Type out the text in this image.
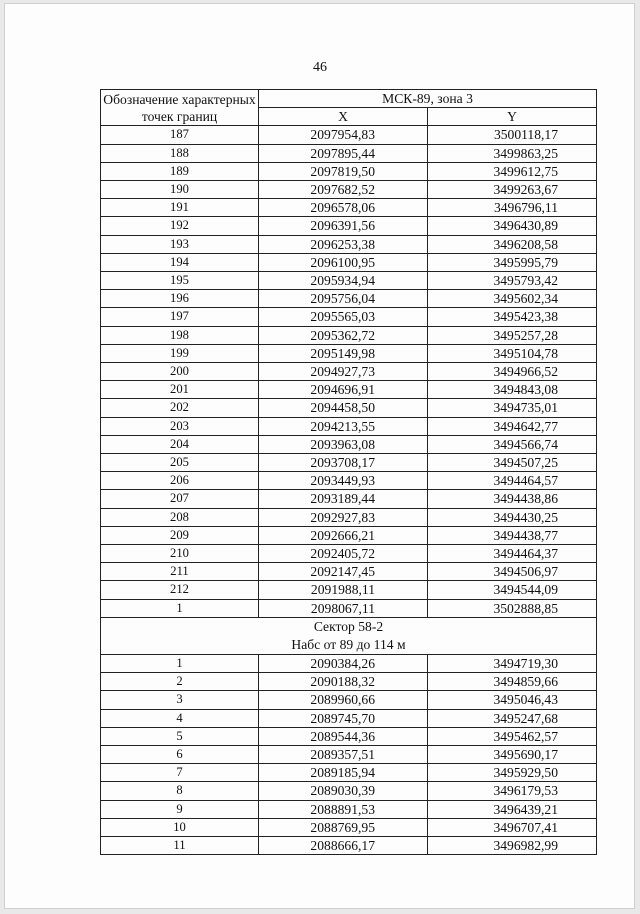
46
Обозначение характерных точек границ	МСК-89, зона 3	
	X	Y
187	2097954,83	3500118,17
188	2097895,44	3499863,25
189	2097819,50	3499612,75
190	2097682,52	3499263,67
191	2096578,06	3496796,11
192	2096391,56	3496430,89
193	2096253,38	3496208,58
194	2096100,95	3495995,79
195	2095934,94	3495793,42
196	2095756,04	3495602,34
197	2095565,03	3495423,38
198	2095362,72	3495257,28
199	2095149,98	3495104,78
200	2094927,73	3494966,52
201	2094696,91	3494843,08
202	2094458,50	3494735,01
203	2094213,55	3494642,77
204	2093963,08	3494566,74
205	2093708,17	3494507,25
206	2093449,93	3494464,57
207	2093189,44	3494438,86
208	2092927,83	3494430,25
209	2092666,21	3494438,77
210	2092405,72	3494464,37
211	2092147,45	3494506,97
212	2091988,11	3494544,09
1	2098067,11	3502888,85

Сектор 58-2
Набс от 89 до 114 м		

1	2090384,26	3494719,30
2	2090188,32	3494859,66
3	2089960,66	3495046,43
4	2089745,70	3495247,68
5	2089544,36	3495462,57
6	2089357,51	3495690,17
7	2089185,94	3495929,50
8	2089030,39	3496179,53
9	2088891,53	3496439,21
10	2088769,95	3496707,41
11	2088666,17	3496982,99
